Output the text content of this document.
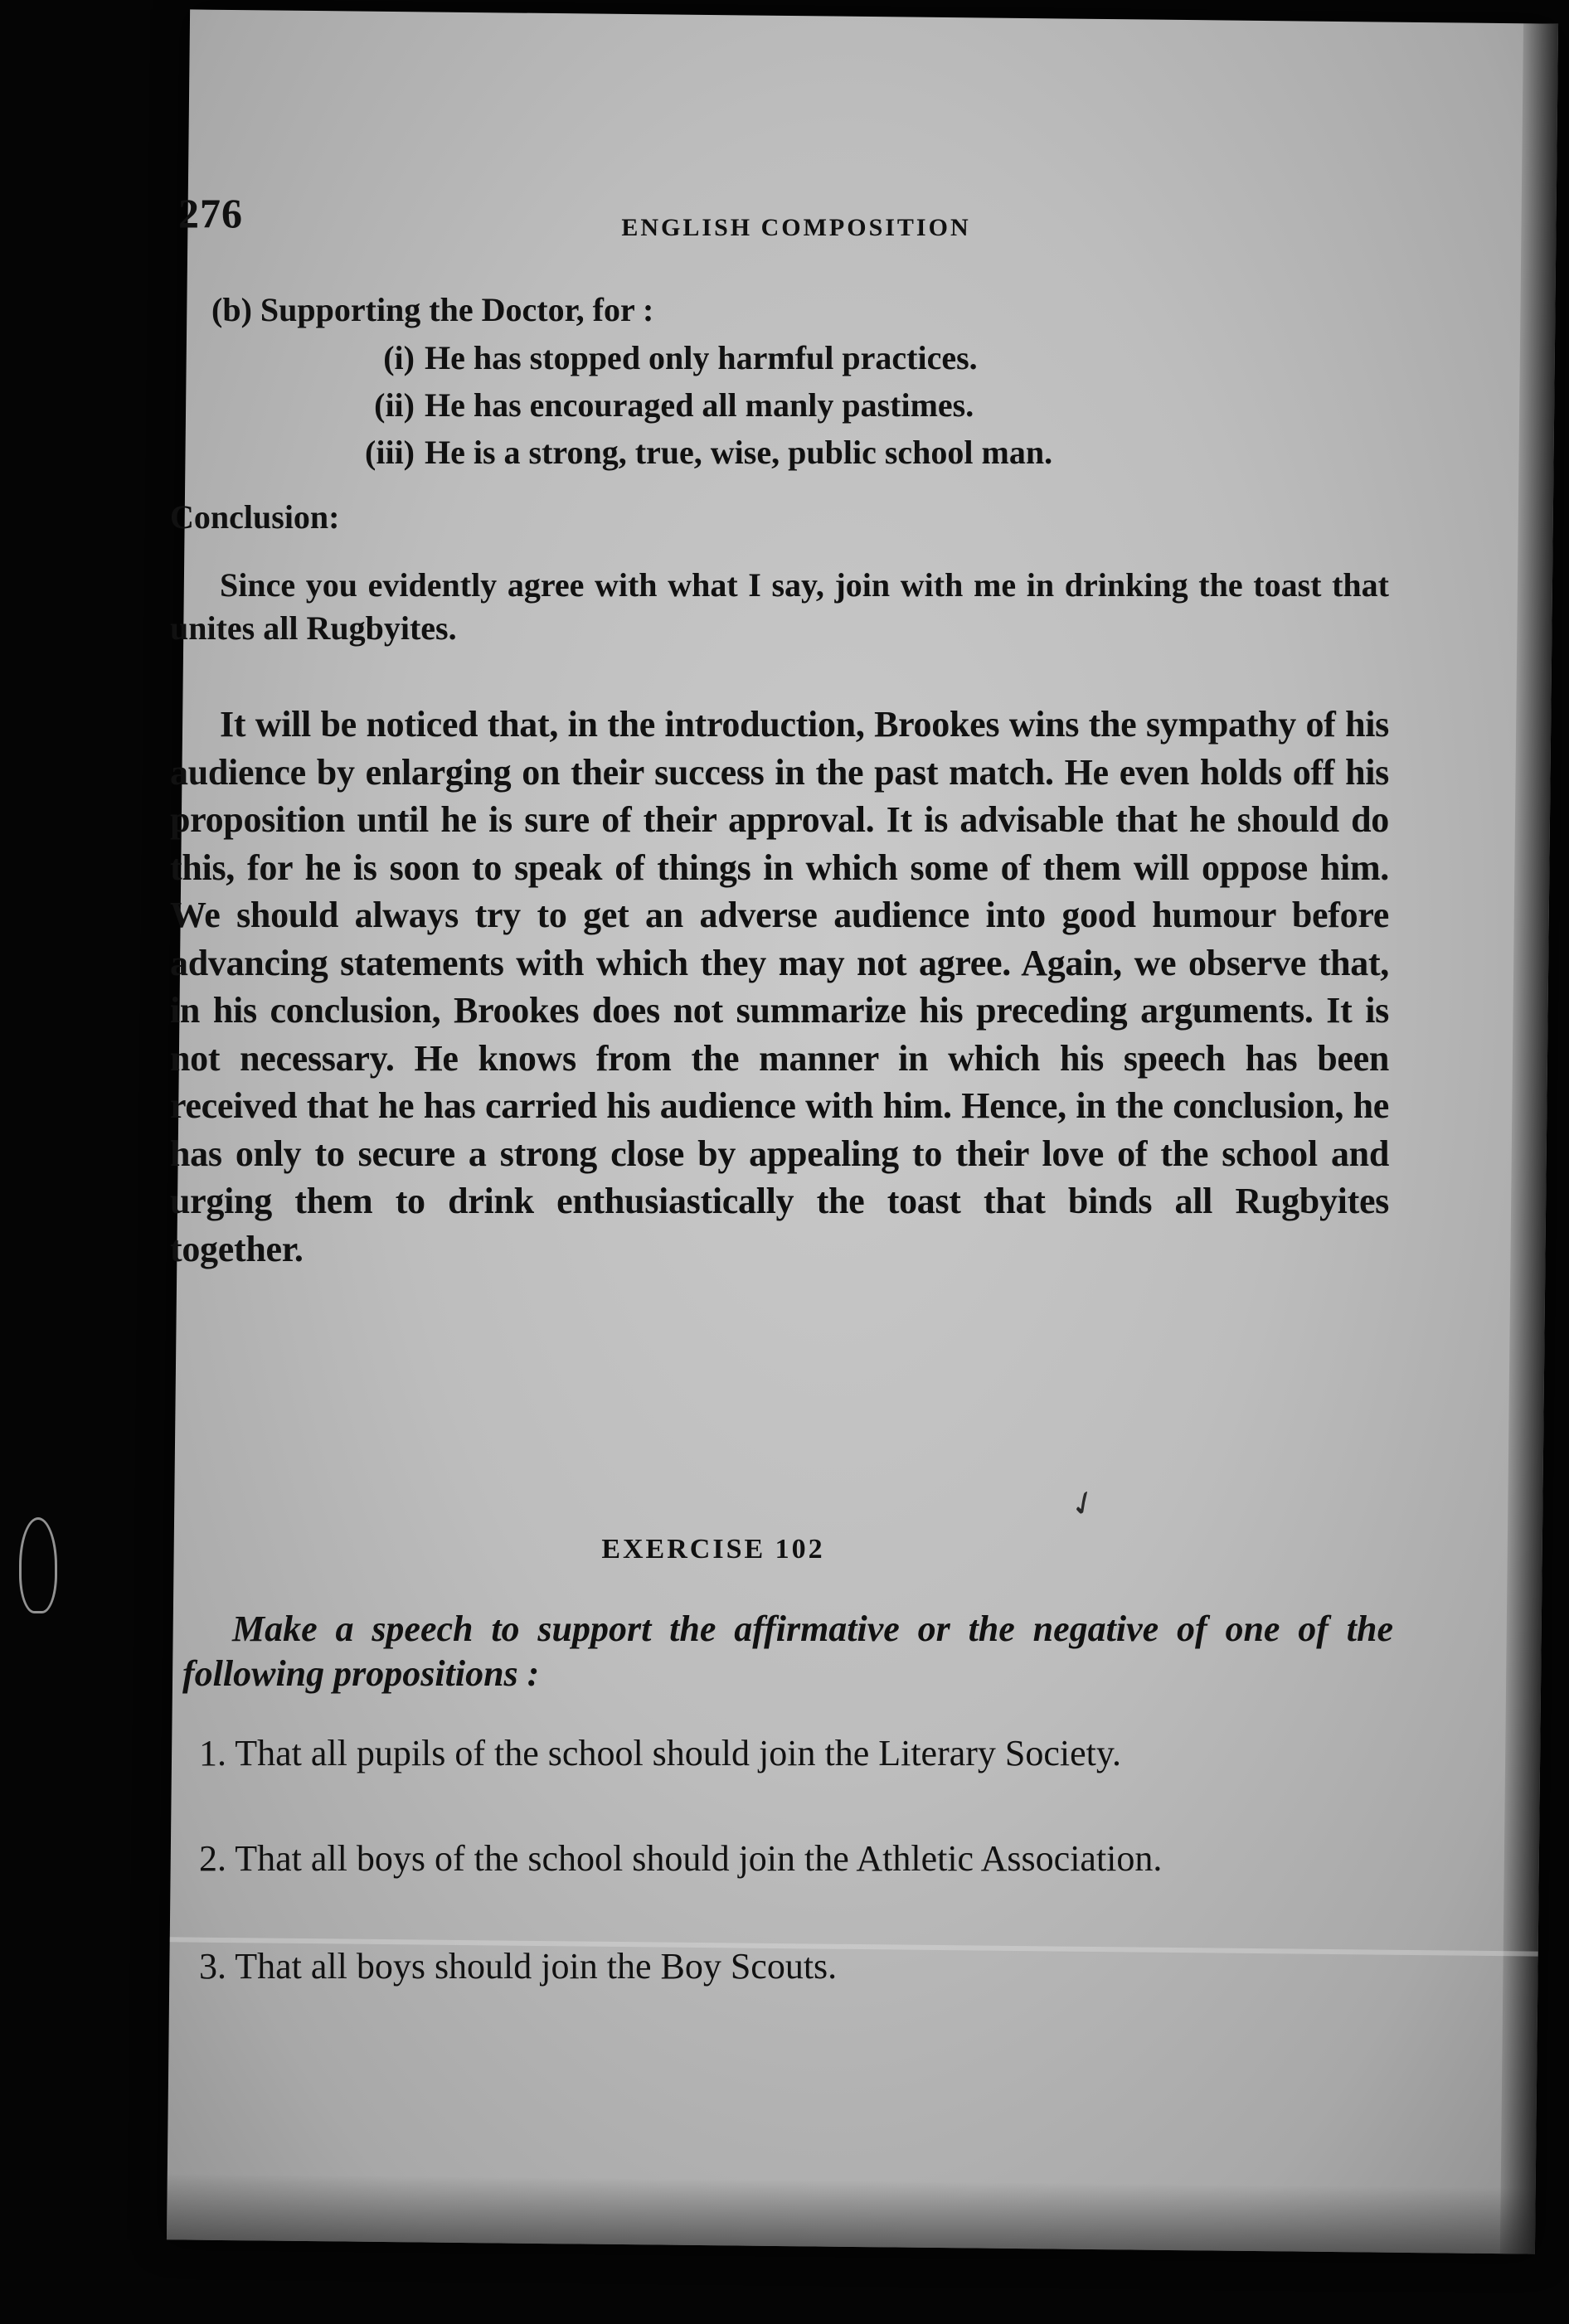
276	ENGLISH COMPOSITION
(b) Supporting the Doctor, for :
(i) He has stopped only harmful practices.
(ii) He has encouraged all manly pastimes.
(iii) He is a strong, true, wise, public school man.
Conclusion:
Since you evidently agree with what I say, join with me in drinking the toast that unites all Rugbyites.
It will be noticed that, in the introduction, Brookes wins the sympathy of his audience by enlarging on their success in the past match. He even holds off his proposition until he is sure of their approval. It is advisable that he should do this, for he is soon to speak of things in which some of them will oppose him. We should always try to get an adverse audience into good humour before advancing statements with which they may not agree. Again, we observe that, in his conclusion, Brookes does not summarize his preceding arguments. It is not necessary. He knows from the manner in which his speech has been received that he has carried his audience with him. Hence, in the conclusion, he has only to secure a strong close by appealing to their love of the school and urging them to drink enthusiastically the toast that binds all Rugbyites together.
✓
EXERCISE 102
Make a speech to support the affirmative or the negative of one of the following propositions :
1. That all pupils of the school should join the Literary Society.
2. That all boys of the school should join the Athletic Association.
3. That all boys should join the Boy Scouts.
